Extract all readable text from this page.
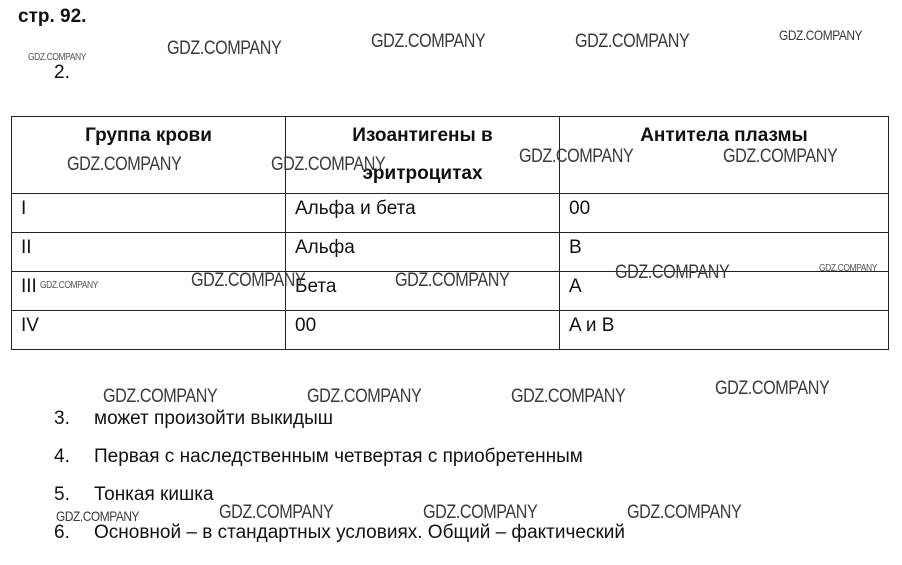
стр. 92.
2.
Группа крови	Изоантигены в эритроцитах	Антитела плазмы
I	Альфа и бета	00
II	Альфа	B
III	Бета	A
IV	00	A и B
3.	может произойти выкидыш
4.	Первая с наследственным четвертая с приобретенным
5.	Тонкая кишка
6.	Основной – в стандартных условиях. Общий – фактический
GDZ.COMPANY	GDZ.COMPANY	GDZ.COMPANY	GDZ.COMPANY	GDZ.COMPANY
GDZ.COMPANY	GDZ.COMPANY	GDZ.COMPANY	GDZ.COMPANY
GDZ.COMPANY	GDZ.COMPANY	GDZ.COMPANY	GDZ.COMPANY	GDZ.COMPANY
GDZ.COMPANY	GDZ.COMPANY	GDZ.COMPANY	GDZ.COMPANY
GDZ.COMPANY	GDZ.COMPANY	GDZ.COMPANY	GDZ.COMPANY
